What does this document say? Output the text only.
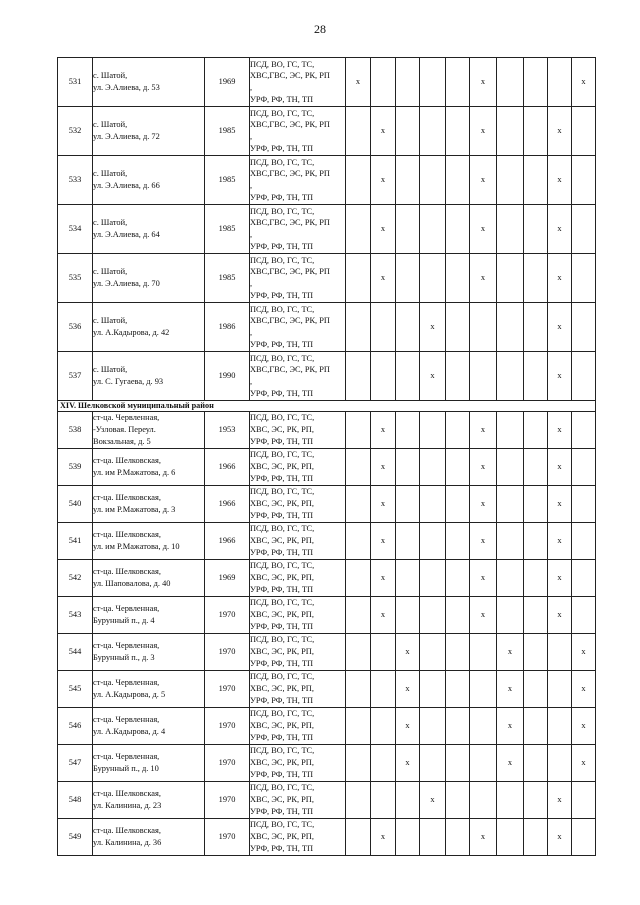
28
531	с. Шатой,
ул. Э.Алиева, д. 53	1969	ПСД, ВО, ГС, ТС,
ХВС,ГВС, ЭС, РК, РП
,
УРФ, РФ, ТН, ТП	х					х				х
532	с. Шатой,
ул. Э.Алиева, д. 72	1985	ПСД, ВО, ГС, ТС,
ХВС,ГВС, ЭС, РК, РП
,
УРФ, РФ, ТН, ТП		х				х			х	
533	с. Шатой,
ул. Э.Алиева, д. 66	1985	ПСД, ВО, ГС, ТС,
ХВС,ГВС, ЭС, РК, РП
,
УРФ, РФ, ТН, ТП		х				х			х	
534	с. Шатой,
ул. Э.Алиева, д. 64	1985	ПСД, ВО, ГС, ТС,
ХВС,ГВС, ЭС, РК, РП
,
УРФ, РФ, ТН, ТП		х				х			х	
535	с. Шатой,
ул. Э.Алиева, д. 70	1985	ПСД, ВО, ГС, ТС,
ХВС,ГВС, ЭС, РК, РП
,
УРФ, РФ, ТН, ТП		х				х			х	
536	с. Шатой,
ул. А.Кадырова, д. 42	1986	ПСД, ВО, ГС, ТС,
ХВС,ГВС, ЭС, РК, РП
,
УРФ, РФ, ТН, ТП				х					х	
537	с. Шатой,
ул. С. Гугаева, д. 93	1990	ПСД, ВО, ГС, ТС,
ХВС,ГВС, ЭС, РК, РП
,
УРФ, РФ, ТН, ТП				х					х	
XIV. Шелковской муниципальный район													
538	ст-ца. Червленная,
-Узловая. Переул.
Вокзальная, д. 5	1953	ПСД, ВО, ГС, ТС,
ХВС, ЭС, РК, РП,
УРФ, РФ, ТН, ТП		х				х			х	
539	ст-ца. Шелковская,
ул. им Р.Мажатова, д. 6	1966	ПСД, ВО, ГС, ТС,
ХВС, ЭС, РК, РП,
УРФ, РФ, ТН, ТП		х				х			х	
540	ст-ца. Шелковская,
ул. им Р.Мажатова, д. 3	1966	ПСД, ВО, ГС, ТС,
ХВС, ЭС, РК, РП,
УРФ, РФ, ТН, ТП		х				х			х	
541	ст-ца. Шелковская,
ул. им Р.Мажатова, д. 10	1966	ПСД, ВО, ГС, ТС,
ХВС, ЭС, РК, РП,
УРФ, РФ, ТН, ТП		х				х			х	
542	ст-ца. Шелковская,
ул. Шаповалова, д. 40	1969	ПСД, ВО, ГС, ТС,
ХВС, ЭС, РК, РП,
УРФ, РФ, ТН, ТП		х				х			х	
543	ст-ца. Червленная,
Бурунный п., д. 4	1970	ПСД, ВО, ГС, ТС,
ХВС, ЭС, РК, РП,
УРФ, РФ, ТН, ТП		х				х			х	
544	ст-ца. Червленная,
Бурунный п., д. 3	1970	ПСД, ВО, ГС, ТС,
ХВС, ЭС, РК, РП,
УРФ, РФ, ТН, ТП			х				х			х
545	ст-ца. Червленная,
ул. А.Кадырова, д. 5	1970	ПСД, ВО, ГС, ТС,
ХВС, ЭС, РК, РП,
УРФ, РФ, ТН, ТП			х				х			х
546	ст-ца. Червленная,
ул. А.Кадырова, д. 4	1970	ПСД, ВО, ГС, ТС,
ХВС, ЭС, РК, РП,
УРФ, РФ, ТН, ТП			х				х			х
547	ст-ца. Червленная,
Бурунный п., д. 10	1970	ПСД, ВО, ГС, ТС,
ХВС, ЭС, РК, РП,
УРФ, РФ, ТН, ТП			х				х			х
548	ст-ца. Шелковская,
ул. Калинина, д. 23	1970	ПСД, ВО, ГС, ТС,
ХВС, ЭС, РК, РП,
УРФ, РФ, ТН, ТП				х					х	
549	ст-ца. Шелковская,
ул. Калинина, д. 36	1970	ПСД, ВО, ГС, ТС,
ХВС, ЭС, РК, РП,
УРФ, РФ, ТН, ТП		х				х			х	
